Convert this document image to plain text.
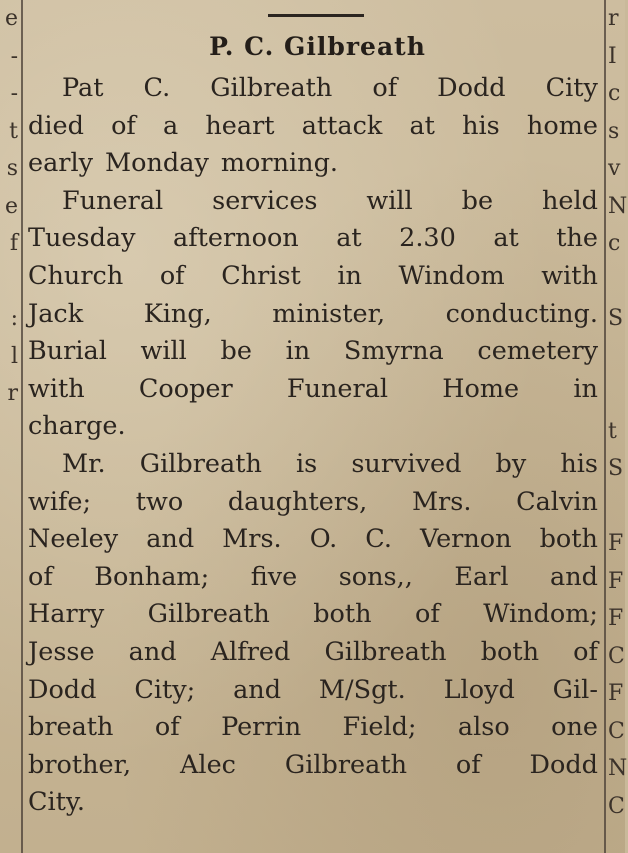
e
-
-
t
s
e
f
:
l
r
r
I
c
s
v
N
c
S
t
S
F
F
F
C
F
C
N
C
P. C. Gilbreath
Pat C. Gilbreath of Dodd City
died of a heart attack at his home
early Monday morning.
Funeral services will be held
Tuesday afternoon at 2.30 at the
Church of Christ in Windom with
Jack King, minister, conducting.
Burial will be in Smyrna cemetery
with Cooper Funeral Home in
charge.
Mr. Gilbreath is survived by his
wife; two daughters, Mrs. Calvin
Neeley and Mrs. O. C. Vernon both
of Bonham; five sons,, Earl and
Harry Gilbreath both of Windom;
Jesse and Alfred Gilbreath both of
Dodd City; and M/Sgt. Lloyd Gil-
breath of Perrin Field; also one
brother, Alec Gilbreath of Dodd
City.
